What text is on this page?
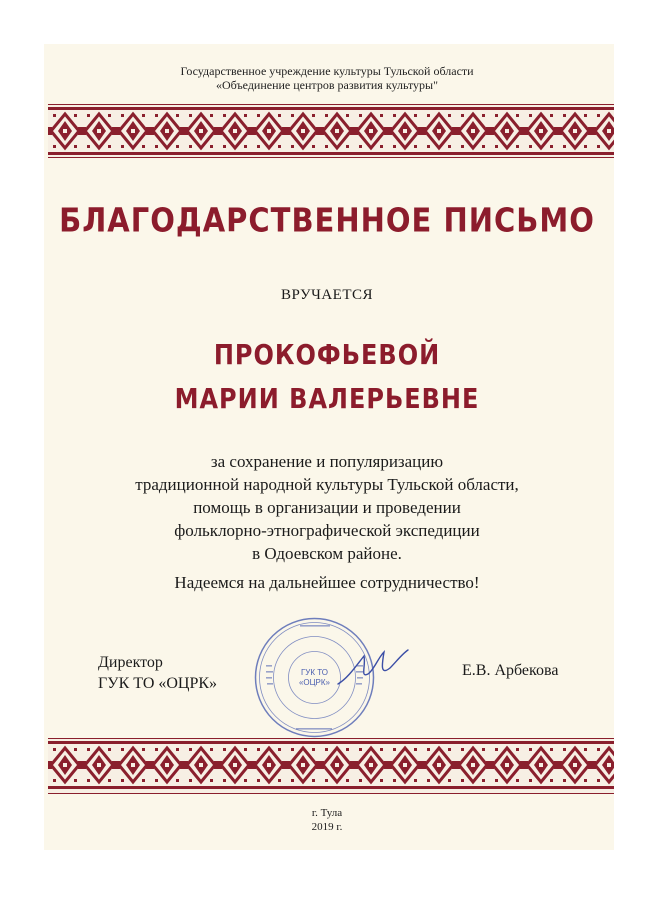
Государственное учреждение культуры Тульской области
«Объединение центров развития культуры"
БЛАГОДАРСТВЕННОЕ ПИСЬМО
ВРУЧАЕТСЯ
ПРОКОФЬЕВОЙ
МАРИИ ВАЛЕРЬЕВНЕ
за сохранение и популяризацию
традиционной народной культуры Тульской области,
помощь в организации и проведении
фольклорно-этнографической экспедиции
в Одоевском районе.
Надеемся на дальнейшее сотрудничество!
Директор
ГУК ТО «ОЦРК»
ГУК ТО
«ОЦРК»
Е.В. Арбекова
г. Тула
2019 г.
